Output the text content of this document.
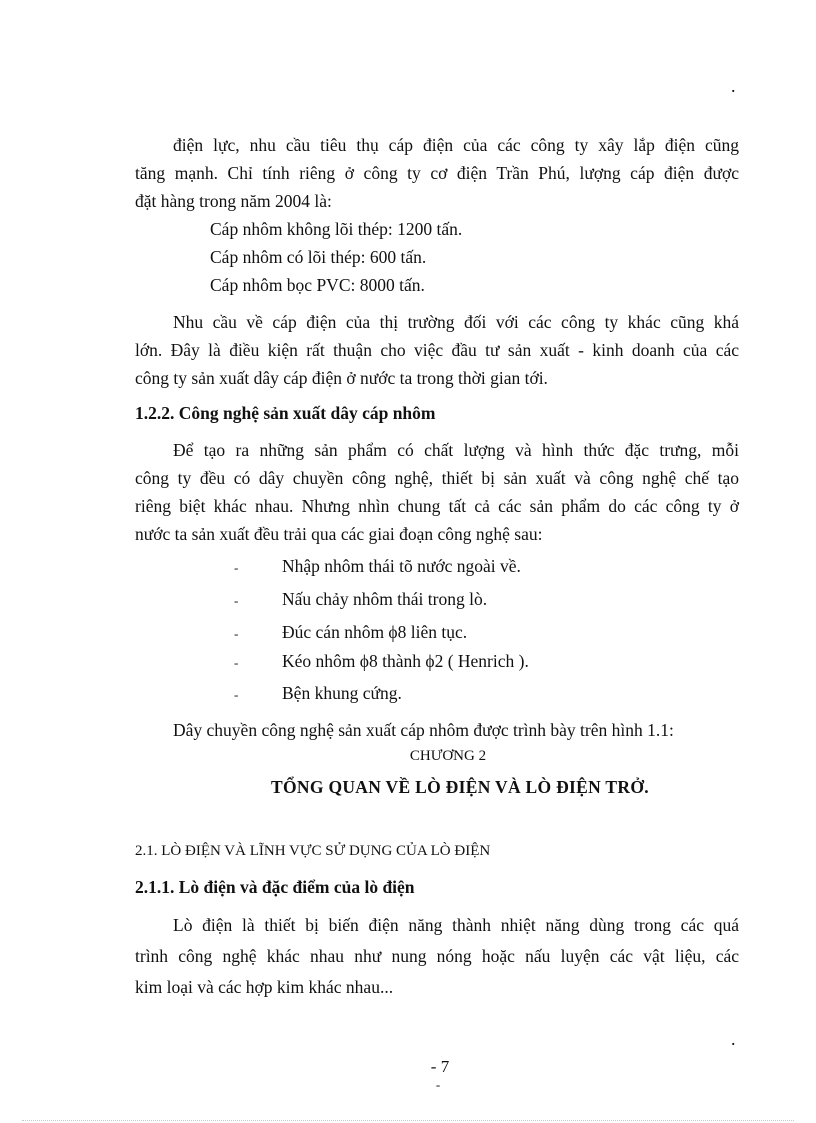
.
điện lực, nhu cầu tiêu thụ cáp điện của các công ty xây lắp điện cũng
tăng mạnh. Chỉ tính riêng ở công ty cơ điện Trần Phú, lượng cáp điện được
đặt hàng trong năm 2004 là:
Cáp nhôm không lõi thép: 1200 tấn.
Cáp nhôm có lõi thép: 600 tấn.
Cáp nhôm bọc PVC: 8000 tấn.
Nhu cầu về cáp điện của thị trường đối với các công ty khác cũng khá
lớn. Đây là điều kiện rất thuận cho việc đầu tư sản xuất - kinh doanh của các
công ty sản xuất dây cáp điện ở nước ta trong thời gian tới.
1.2.2. Công nghệ sản xuất dây cáp nhôm
Để tạo ra những sản phẩm có chất lượng và hình thức đặc trưng, mỗi
công ty đều có dây chuyền công nghệ, thiết bị sản xuất và công nghệ chế tạo
riêng biệt khác nhau. Nhưng nhìn chung tất cả các sản phẩm do các công ty ở
nước ta sản xuất đều trải qua các giai đoạn công nghệ sau:
- Nhập nhôm thái tõ nước ngoài về.
- Nấu chảy nhôm thái trong lò.
- Đúc cán nhôm ϕ8 liên tục.
- Kéo nhôm ϕ8 thành ϕ2 ( Henrich ).
- Bện khung cứng.
Dây chuyền công nghệ sản xuất cáp nhôm được trình bày trên hình 1.1:
CHƯƠNG 2
TỔNG QUAN VỀ LÒ ĐIỆN VÀ LÒ ĐIỆN TRỞ.
2.1. LÒ ĐIỆN VÀ LĨNH VỰC SỬ DỤNG CỦA LÒ ĐIỆN
2.1.1. Lò điện và đặc điểm của lò điện
Lò điện là thiết bị biến điện năng thành nhiệt năng dùng trong các quá
trình công nghệ khác nhau như nung nóng hoặc nấu luyện các vật liệu, các
kim loại và các hợp kim khác nhau...
.
- 7
-
